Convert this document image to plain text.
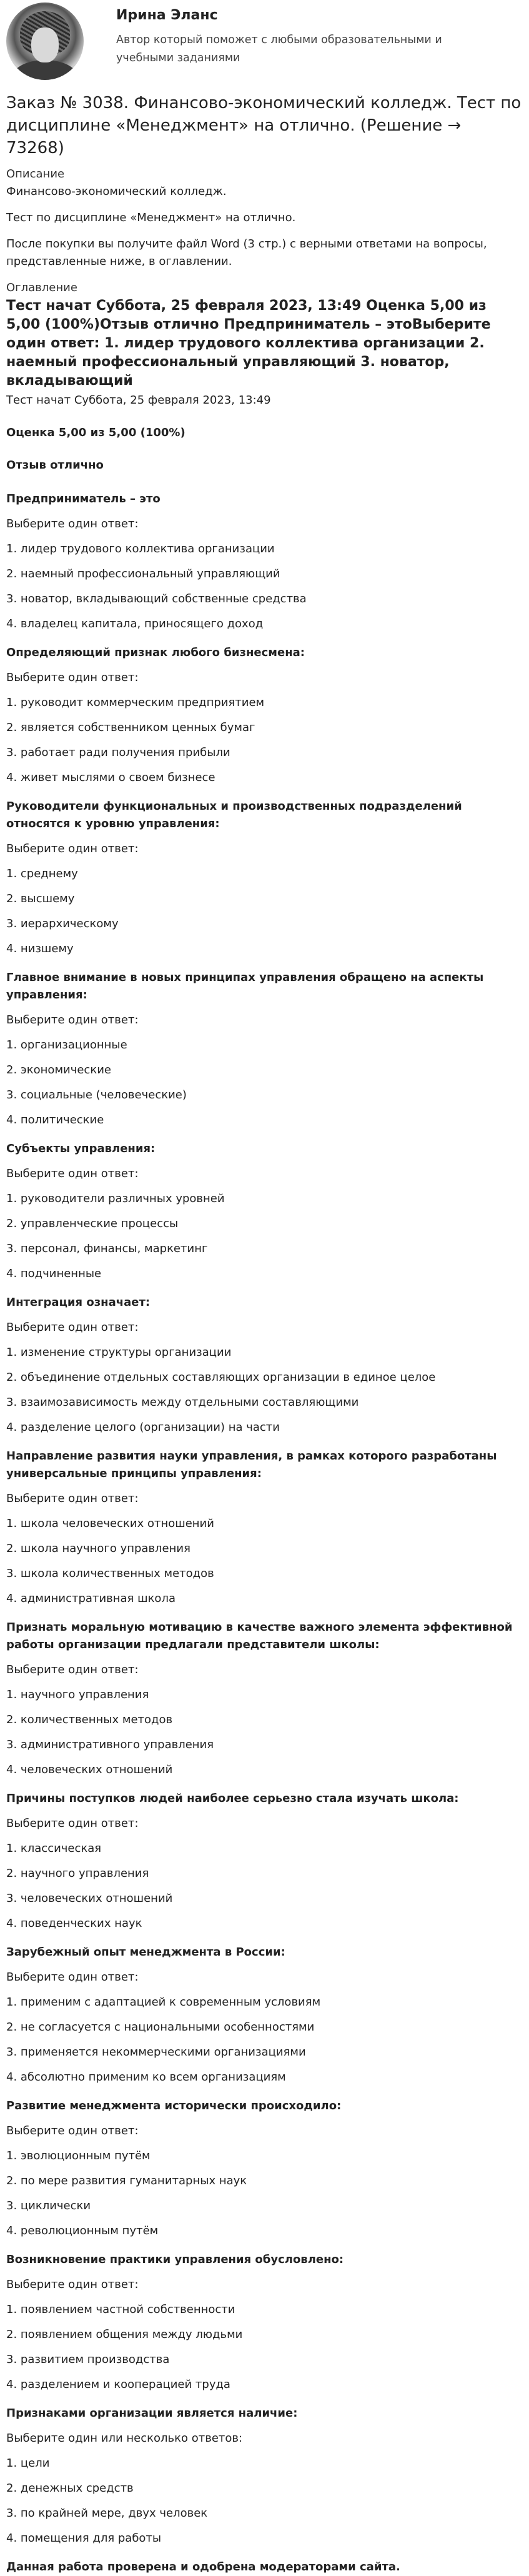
Ирина Эланс
Автор который поможет с любыми образовательными и учебными заданиями
Заказ № 3038. Финансово-экономический колледж. Тест по дисциплине «Менеджмент» на отлично. (Решение → 73268)
Описание

Финансово-экономический колледж.

Тест по дисциплине «Менеджмент» на отлично.

После покупки вы получите файл Word (3 стр.) с верными ответами на вопросы, представленные ниже, в оглавлении.

Оглавление
Тест начат Суббота, 25 февраля 2023, 13:49 Оценка 5,00 из 5,00 (100%)Отзыв отлично Предприниматель – этоВыберите один ответ: 1. лидер трудового коллектива организации 2. наемный профессиональный управляющий 3. новатор, вкладывающий
Тест начат Суббота, 25 февраля 2023, 13:49
Оценка 5,00 из 5,00 (100%)
Отзыв отлично
Предприниматель – это
Выберите один ответ:
1. лидер трудового коллектива организации
2. наемный профессиональный управляющий
3. новатор, вкладывающий собственные средства
4. владелец капитала, приносящего доход
Определяющий признак любого бизнесмена:
Выберите один ответ:
1. руководит коммерческим предприятием
2. является собственником ценных бумаг
3. работает ради получения прибыли
4. живет мыслями о своем бизнесе
Руководители функциональных и производственных подразделений относятся к уровню управления:
Выберите один ответ:
1. среднему
2. высшему
3. иерархическому
4. низшему
Главное внимание в новых принципах управления обращено на аспекты управления:
Выберите один ответ:
1. организационные
2. экономические
3. социальные (человеческие)
4. политические
Субъекты управления:
Выберите один ответ:
1. руководители различных уровней
2. управленческие процессы
3. персонал, финансы, маркетинг
4. подчиненные
Интеграция означает:
Выберите один ответ:
1. изменение структуры организации
2. объединение отдельных составляющих организации в единое целое
3. взаимозависимость между отдельными составляющими
4. разделение целого (организации) на части
Направление развития науки управления, в рамках которого разработаны универсальные принципы управления:
Выберите один ответ:
1. школа человеческих отношений
2. школа научного управления
3. школа количественных методов
4. административная школа
Признать моральную мотивацию в качестве важного элемента эффективной работы организации предлагали представители школы:
Выберите один ответ:
1. научного управления
2. количественных методов
3. административного управления
4. человеческих отношений
Причины поступков людей наиболее серьезно стала изучать школа:
Выберите один ответ:
1. классическая
2. научного управления
3. человеческих отношений
4. поведенческих наук
Зарубежный опыт менеджмента в России:
Выберите один ответ:
1. применим с адаптацией к современным условиям
2. не согласуется с национальными особенностями
3. применяется некоммерческими организациями
4. абсолютно применим ко всем организациям
Развитие менеджмента исторически происходило:
Выберите один ответ:
1. эволюционным путём
2. по мере развития гуманитарных наук
3. циклически
4. революционным путём
Возникновение практики управления обусловлено:
Выберите один ответ:
1. появлением частной собственности
2. появлением общения между людьми
3. развитием производства
4. разделением и кооперацией труда
Признаками организации является наличие:
Выберите один или несколько ответов:
1. цели
2. денежных средств
3. по крайней мере, двух человек
4. помещения для работы
Данная работа проверена и одобрена модераторами сайта.
